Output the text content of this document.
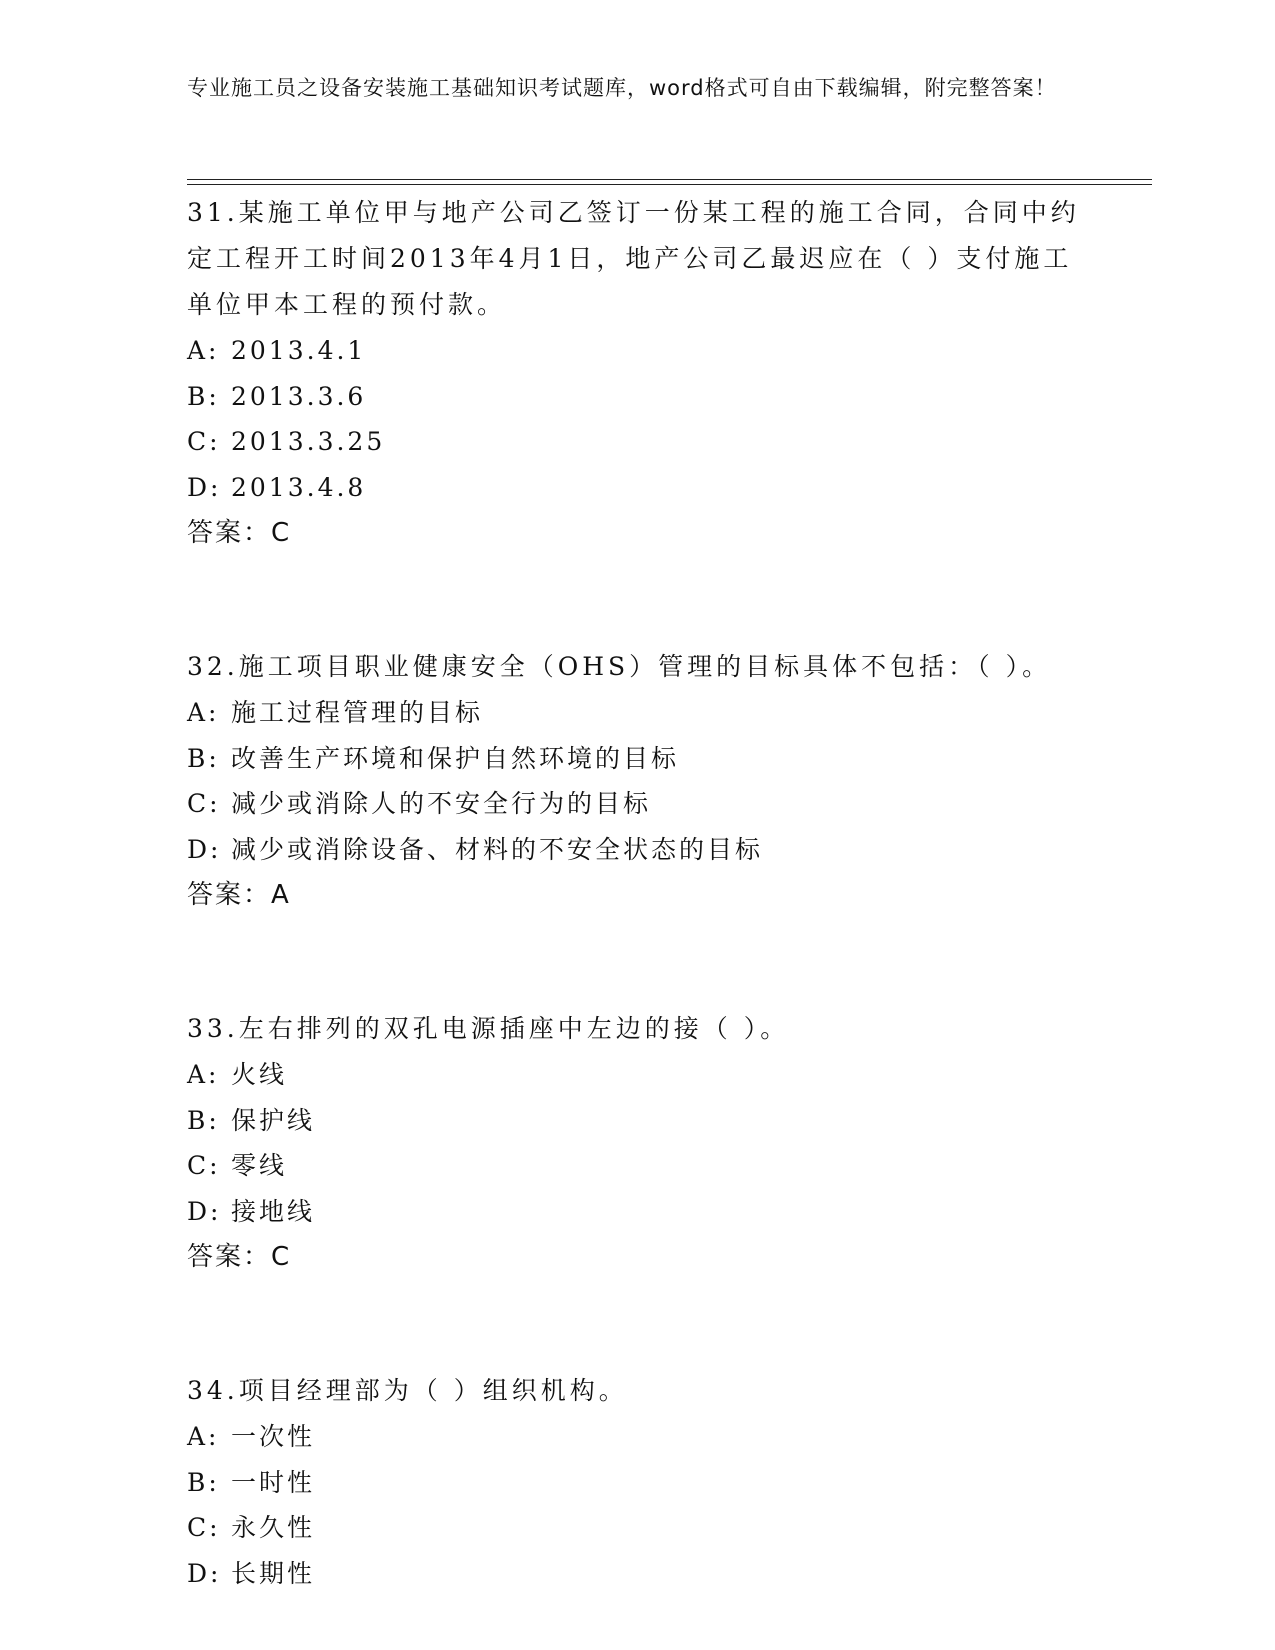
专业施工员之设备安装施工基础知识考试题库，word格式可自由下载编辑，附完整答案！

31.某施工单位甲与地产公司乙签订一份某工程的施工合同，合同中约定工程开工时间2013年4月1日，地产公司乙最迟应在（ ）支付施工单位甲本工程的预付款。

A: 2013.4.1

B: 2013.3.6

C: 2013.3.25

D: 2013.4.8

答案：C

32.施工项目职业健康安全（OHS）管理的目标具体不包括：（ ）。

A: 施工过程管理的目标

B: 改善生产环境和保护自然环境的目标

C: 减少或消除人的不安全行为的目标

D: 减少或消除设备、材料的不安全状态的目标

答案：A

33.左右排列的双孔电源插座中左边的接（ ）。

A: 火线

B: 保护线

C: 零线

D: 接地线

答案：C

34.项目经理部为（ ）组织机构。

A: 一次性

B: 一时性

C: 永久性

D: 长期性
